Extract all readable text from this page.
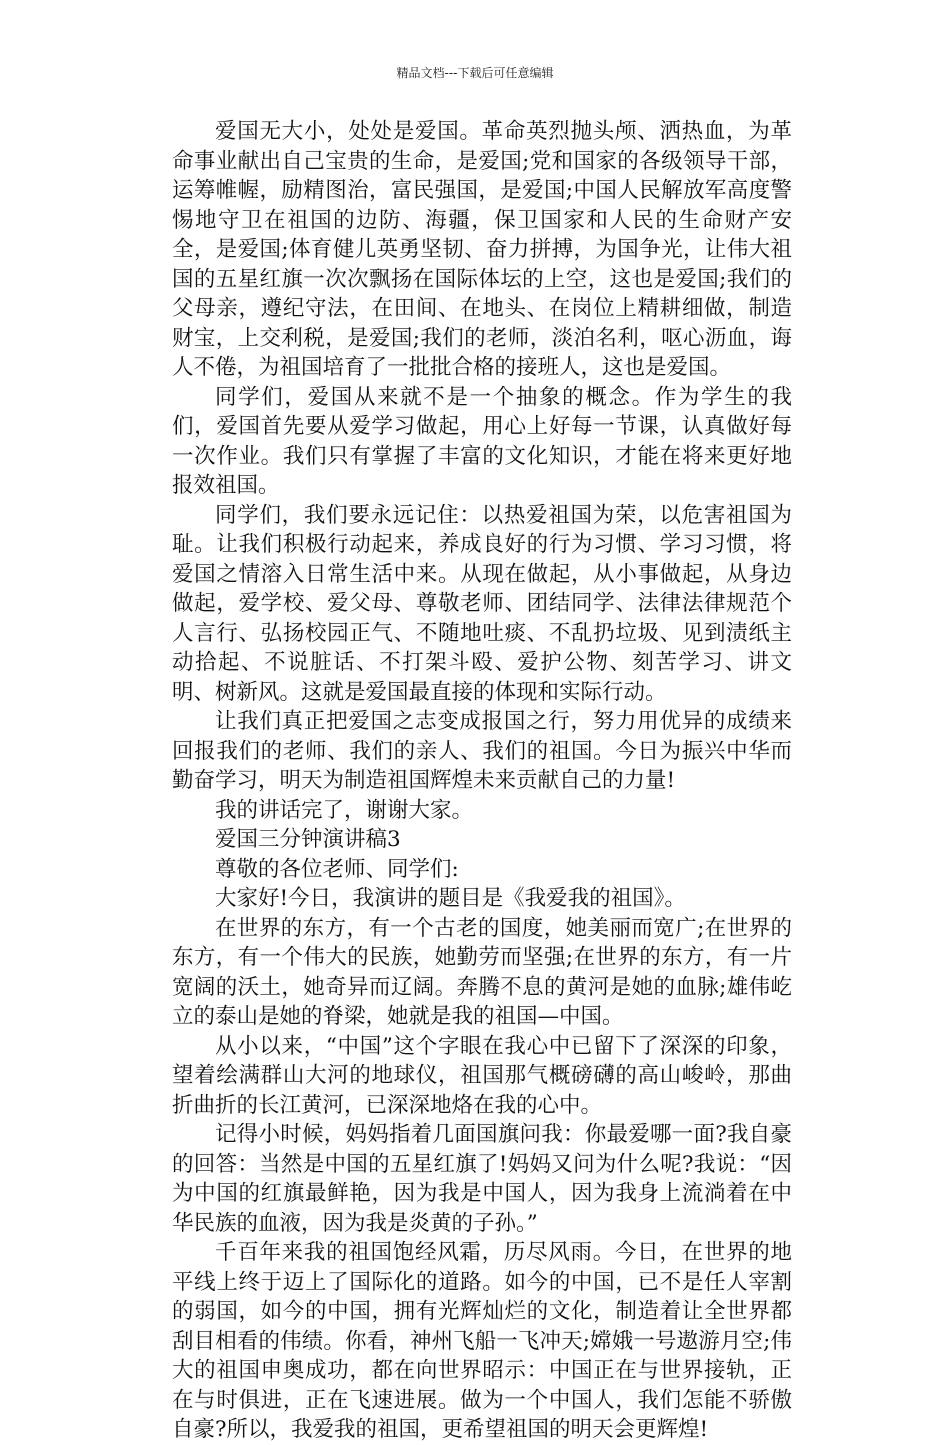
精品文档---下载后可任意编辑

爱国无大小，处处是爱国。革命英烈抛头颅、洒热血，为革命事业献出自己宝贵的生命，是爱国;党和国家的各级领导干部，运筹帷幄，励精图治，富民强国，是爱国;中国人民解放军高度警惕地守卫在祖国的边防、海疆，保卫国家和人民的生命财产安全，是爱国;体育健儿英勇坚韧、奋力拼搏，为国争光，让伟大祖国的五星红旗一次次飘扬在国际体坛的上空，这也是爱国;我们的父母亲，遵纪守法，在田间、在地头、在岗位上精耕细做，制造财宝，上交利税，是爱国;我们的老师，淡泊名利，呕心沥血，诲人不倦，为祖国培育了一批批合格的接班人，这也是爱国。

同学们，爱国从来就不是一个抽象的概念。作为学生的我们，爱国首先要从爱学习做起，用心上好每一节课，认真做好每一次作业。我们只有掌握了丰富的文化知识，才能在将来更好地报效祖国。

同学们，我们要永远记住：以热爱祖国为荣，以危害祖国为耻。让我们积极行动起来，养成良好的行为习惯、学习习惯，将爱国之情溶入日常生活中来。从现在做起，从小事做起，从身边做起，爱学校、爱父母、尊敬老师、团结同学、法律法律规范个人言行、弘扬校园正气、不随地吐痰、不乱扔垃圾、见到渍纸主动拾起、不说脏话、不打架斗殴、爱护公物、刻苦学习、讲文明、树新风。这就是爱国最直接的体现和实际行动。

让我们真正把爱国之志变成报国之行，努力用优异的成绩来回报我们的老师、我们的亲人、我们的祖国。今日为振兴中华而勤奋学习，明天为制造祖国辉煌未来贡献自己的力量!

我的讲话完了，谢谢大家。

爱国三分钟演讲稿3

尊敬的各位老师、同学们:

大家好!今日，我演讲的题目是《我爱我的祖国》。

在世界的东方，有一个古老的国度，她美丽而宽广;在世界的东方，有一个伟大的民族，她勤劳而坚强;在世界的东方，有一片宽阔的沃土，她奇异而辽阔。奔腾不息的黄河是她的血脉;雄伟屹立的泰山是她的脊梁，她就是我的祖国—中国。

从小以来，“中国”这个字眼在我心中已留下了深深的印象，望着绘满群山大河的地球仪，祖国那气概磅礴的高山峻岭，那曲折曲折的长江黄河，已深深地烙在我的心中。

记得小时候，妈妈指着几面国旗问我：你最爱哪一面?我自豪的回答：当然是中国的五星红旗了!妈妈又问为什么呢?我说：“因为中国的红旗最鲜艳，因为我是中国人，因为我身上流淌着在中华民族的血液，因为我是炎黄的子孙。”

千百年来我的祖国饱经风霜，历尽风雨。今日，在世界的地平线上终于迈上了国际化的道路。如今的中国，已不是任人宰割的弱国，如今的中国，拥有光辉灿烂的文化，制造着让全世界都刮目相看的伟绩。你看，神州飞船一飞冲天;嫦娥一号遨游月空;伟大的祖国申奥成功，都在向世界昭示：中国正在与世界接轨，正在与时俱进，正在飞速进展。做为一个中国人，我们怎能不骄傲自豪?所以，我爱我的祖国，更希望祖国的明天会更辉煌!
